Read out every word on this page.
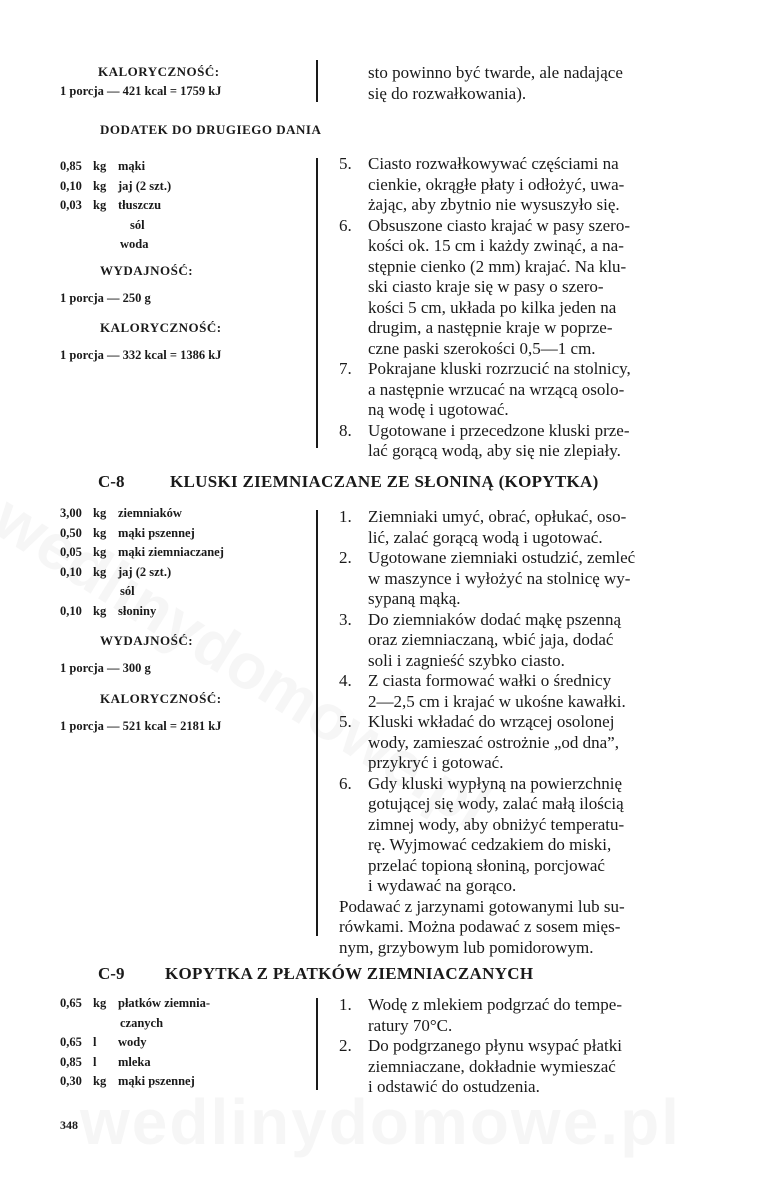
KALORYCZNOŚĆ:
1 porcja — 421 kcal = 1759 kJ
sto powinno być twarde, ale nadające
się do rozwałkowania).
DODATEK DO DRUGIEGO DANIA
0,85 kg mąki
0,10 kg jaj (2 szt.)
0,03 kg tłuszczu
sól
woda
WYDAJNOŚĆ:
1 porcja — 250 g
KALORYCZNOŚĆ:
1 porcja — 332 kcal = 1386 kJ
5. Ciasto rozwałkowywać częściami na
cienkie, okrągłe płaty i odłożyć, uwa-
żając, aby zbytnio nie wysuszyło się.
6. Obsuszone ciasto krajać w pasy szero-
kości ok. 15 cm i każdy zwinąć, a na-
stępnie cienko (2 mm) krajać. Na klu-
ski ciasto kraje się w pasy o szero-
kości 5 cm, układa po kilka jeden na
drugim, a następnie kraje w poprze-
czne paski szerokości 0,5—1 cm.
7. Pokrajane kluski rozrzucić na stolnicy,
a następnie wrzucać na wrzącą osolo-
ną wodę i ugotować.
8. Ugotowane i przecedzone kluski prze-
lać gorącą wodą, aby się nie zlepiały.
C-8	KLUSKI ZIEMNIACZANE ZE SŁONINĄ (KOPYTKA)
3,00 kg ziemniaków
0,50 kg mąki pszennej
0,05 kg mąki ziemniaczanej
0,10 kg jaj (2 szt.)
sól
0,10 kg słoniny
WYDAJNOŚĆ:
1 porcja — 300 g
KALORYCZNOŚĆ:
1 porcja — 521 kcal = 2181 kJ
1. Ziemniaki umyć, obrać, opłukać, oso-
lić, zalać gorącą wodą i ugotować.
2. Ugotowane ziemniaki ostudzić, zemleć
w maszynce i wyłożyć na stolnicę wy-
sypaną mąką.
3. Do ziemniaków dodać mąkę pszenną
oraz ziemniaczaną, wbić jaja, dodać
soli i zagnieść szybko ciasto.
4. Z ciasta formować wałki o średnicy
2—2,5 cm i krajać w ukośne kawałki.
5. Kluski wkładać do wrzącej osolonej
wody, zamieszać ostrożnie „od dna”,
przykryć i gotować.
6. Gdy kluski wypłyną na powierzchnię
gotującej się wody, zalać małą ilością
zimnej wody, aby obniżyć temperatu-
rę. Wyjmować cedzakiem do miski,
przelać topioną słoniną, porcjować
i wydawać na gorąco.
Podawać z jarzynami gotowanymi lub su-
rówkami. Można podawać z sosem mięs-
nym, grzybowym lub pomidorowym.
C-9 KOPYTKA Z PŁATKÓW ZIEMNIACZANYCH
0,65 kg płatków ziemnia-
czanych
0,65 l wody
0,85 l mleka
0,30 kg mąki pszennej
1. Wodę z mlekiem podgrzać do tempe-
ratury 70°C.
2. Do podgrzanego płynu wsypać płatki
ziemniaczane, dokładnie wymieszać
i odstawić do ostudzenia.
348
